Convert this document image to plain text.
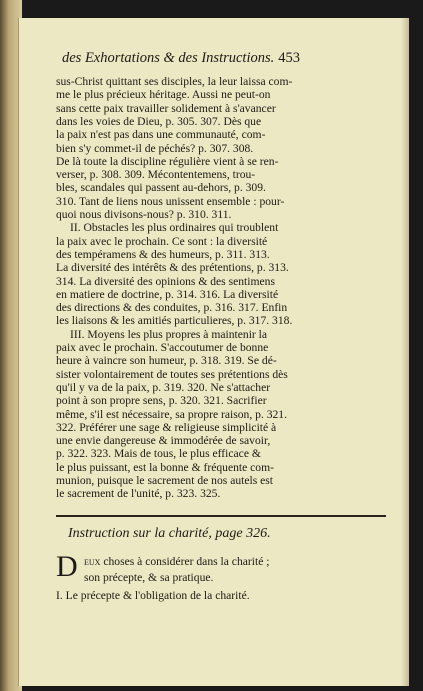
des Exhortations & des Instructions. 453
sus-Christ quittant ses disciples, la leur laissa com-
me le plus précieux héritage. Aussi ne peut-on
sans cette paix travailler solidement à s'avancer
dans les voies de Dieu, p. 305. 307. Dès que
la paix n'est pas dans une communauté, com-
bien s'y commet-il de péchés? p. 307. 308.
De là toute la discipline régulière vient à se ren-
verser, p. 308. 309. Mécontentemens, trou-
bles, scandales qui passent au-dehors, p. 309.
310. Tant de liens nous unissent ensemble : pour-
quoi nous divisons-nous? p. 310. 311.
II. Obstacles les plus ordinaires qui troublent
la paix avec le prochain. Ce sont : la diversité
des tempéramens & des humeurs, p. 311. 313.
La diversité des intérêts & des prétentions, p. 313.
314. La diversité des opinions & des sentimens
en matiere de doctrine, p. 314. 316. La diversité
des directions & des conduites, p. 316. 317. Enfin
les liaisons & les amitiés particulieres, p. 317. 318.
III. Moyens les plus propres à maintenir la
paix avec le prochain. S'accoutumer de bonne
heure à vaincre son humeur, p. 318. 319. Se dé-
sister volontairement de toutes ses prétentions dès
qu'il y va de la paix, p. 319. 320. Ne s'attacher
point à son propre sens, p. 320. 321. Sacrifier
même, s'il est nécessaire, sa propre raison, p. 321.
322. Préférer une sage & religieuse simplicité à
une envie dangereuse & immodérée de savoir,
p. 322. 323. Mais de tous, le plus efficace &
le plus puissant, est la bonne & fréquente com-
munion, puisque le sacrement de nos autels est
le sacrement de l'unité, p. 323. 325.
Instruction sur la charité, page 326.
D eux choses à considérer dans la charité ;
son précepte, & sa pratique.
I. Le précepte & l'obligation de la charité.
